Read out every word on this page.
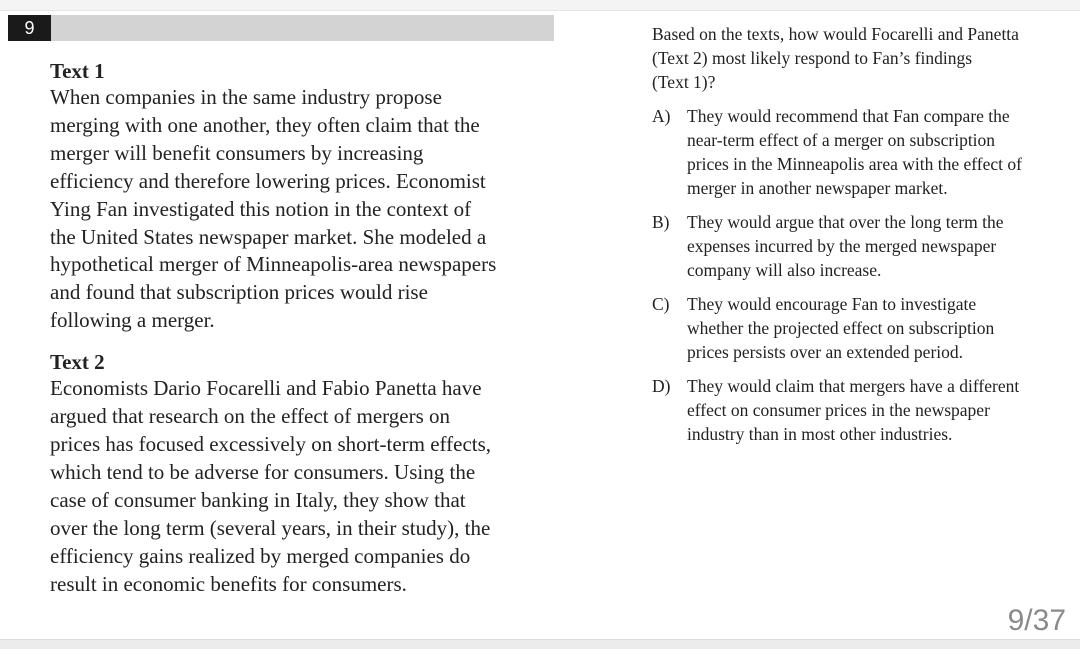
9
Text 1
When companies in the same industry propose
merging with one another, they often claim that the
merger will benefit consumers by increasing
efficiency and therefore lowering prices. Economist
Ying Fan investigated this notion in the context of
the United States newspaper market. She modeled a
hypothetical merger of Minneapolis-area newspapers
and found that subscription prices would rise
following a merger.
Text 2
Economists Dario Focarelli and Fabio Panetta have
argued that research on the effect of mergers on
prices has focused excessively on short-term effects,
which tend to be adverse for consumers. Using the
case of consumer banking in Italy, they show that
over the long term (several years, in their study), the
efficiency gains realized by merged companies do
result in economic benefits for consumers.
Based on the texts, how would Focarelli and Panetta
(Text 2) most likely respond to Fan’s findings
(Text 1)?
A) They would recommend that Fan compare the
near-term effect of a merger on subscription
prices in the Minneapolis area with the effect of
merger in another newspaper market.
B)	They would argue that over the long term the
expenses incurred by the merged newspaper
company will also increase.
C)	They would encourage Fan to investigate
whether the projected effect on subscription
prices persists over an extended period.
D) They would claim that mergers have a different
effect on consumer prices in the newspaper
industry than in most other industries.
9/37
